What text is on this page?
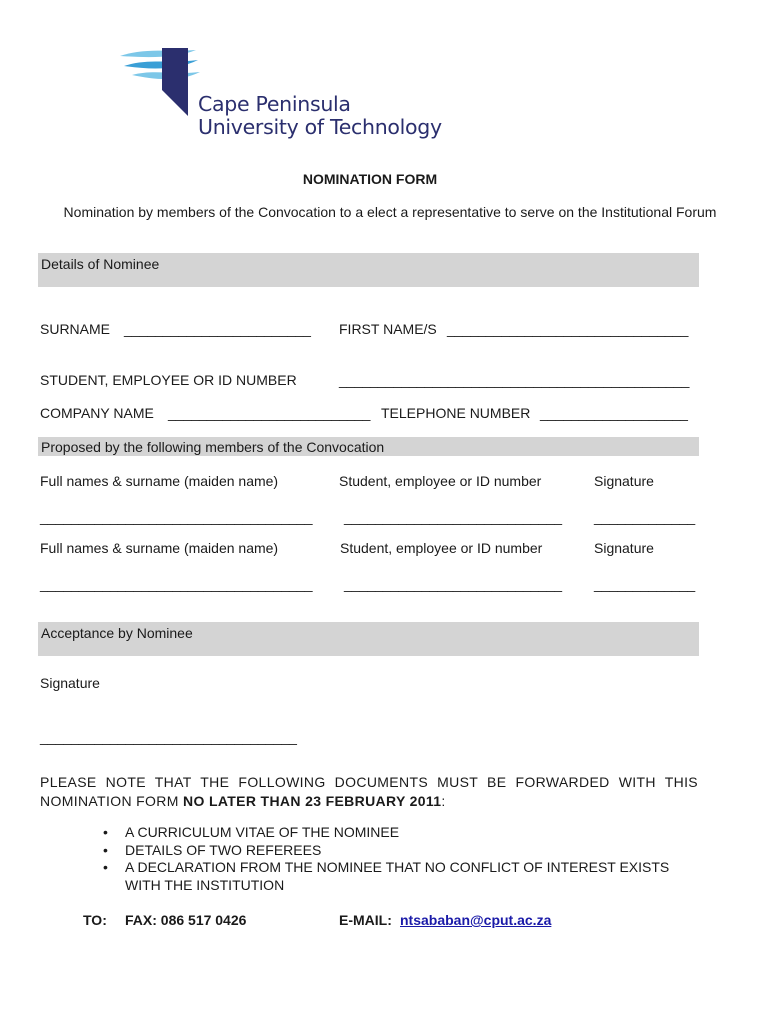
Cape Peninsula
University of Technology
NOMINATION FORM
Nomination by members of the Convocation to a elect a representative to serve on the Institutional Forum
Details of Nominee
SURNAME ________________________ FIRST NAME/S _______________________________
STUDENT, EMPLOYEE OR ID NUMBER	_____________________________________________
COMPANY NAME __________________________ TELEPHONE NUMBER ___________________
Proposed by the following members of the Convocation
Full names & surname (maiden name)	Student, employee or ID number	Signature
___________________________________ ____________________________ _____________
Full names & surname (maiden name)	Student, employee or ID number	Signature
___________________________________ ____________________________ _____________
Acceptance by Nominee
Signature
_________________________________
PLEASE NOTE THAT THE FOLLOWING DOCUMENTS MUST BE FORWARDED WITH THIS NOMINATION FORM NO LATER THAN 23 FEBRUARY 2011:
• A CURRICULUM VITAE OF THE NOMINEE
• DETAILS OF TWO REFEREES
• A DECLARATION FROM THE NOMINEE THAT NO CONFLICT OF INTEREST EXISTS WITH THE INSTITUTION
TO: FAX: 086 517 0426	E-MAIL: ntsababan@cput.ac.za
